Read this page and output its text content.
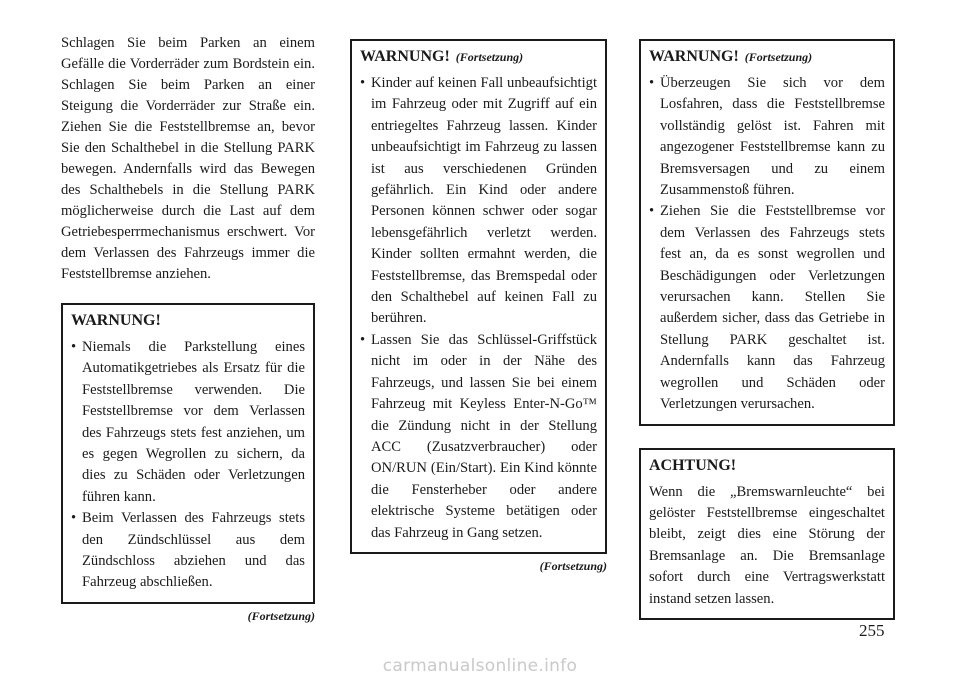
Schlagen Sie beim Parken an einem Gefälle die Vorderräder zum Bordstein ein. Schlagen Sie beim Parken an einer Steigung die Vorderräder zur Straße ein. Ziehen Sie die Feststellbremse an, bevor Sie den Schalthebel in die Stellung PARK bewegen. Andernfalls wird das Bewegen des Schalthebels in die Stellung PARK möglicherweise durch die Last auf dem Getriebesperrmechanismus erschwert. Vor dem Verlassen des Fahrzeugs immer die Feststellbremse anziehen.

WARNUNG!
• Niemals die Parkstellung eines Automatikgetriebes als Ersatz für die Feststellbremse verwenden. Die Feststellbremse vor dem Verlassen des Fahrzeugs stets fest anziehen, um es gegen Wegrollen zu sichern, da dies zu Schäden oder Verletzungen führen kann.
• Beim Verlassen des Fahrzeugs stets den Zündschlüssel aus dem Zündschloss abziehen und das Fahrzeug abschließen.
(Fortsetzung)
WARNUNG! (Fortsetzung)
• Kinder auf keinen Fall unbeaufsichtigt im Fahrzeug oder mit Zugriff auf ein entriegeltes Fahrzeug lassen. Kinder unbeaufsichtigt im Fahrzeug zu lassen ist aus verschiedenen Gründen gefährlich. Ein Kind oder andere Personen können schwer oder sogar lebensgefährlich verletzt werden. Kinder sollten ermahnt werden, die Feststellbremse, das Bremspedal oder den Schalthebel auf keinen Fall zu berühren.
• Lassen Sie das Schlüssel-Griffstück nicht im oder in der Nähe des Fahrzeugs, und lassen Sie bei einem Fahrzeug mit Keyless Enter-N-Go™ die Zündung nicht in der Stellung ACC (Zusatzverbraucher) oder ON/RUN (Ein/Start). Ein Kind könnte die Fensterheber oder andere elektrische Systeme betätigen oder das Fahrzeug in Gang setzen.
(Fortsetzung)
WARNUNG! (Fortsetzung)
• Überzeugen Sie sich vor dem Losfahren, dass die Feststellbremse vollständig gelöst ist. Fahren mit angezogener Feststellbremse kann zu Bremsversagen und zu einem Zusammenstoß führen.
• Ziehen Sie die Feststellbremse vor dem Verlassen des Fahrzeugs stets fest an, da es sonst wegrollen und Beschädigungen oder Verletzungen verursachen kann. Stellen Sie außerdem sicher, dass das Getriebe in Stellung PARK geschaltet ist. Andernfalls kann das Fahrzeug wegrollen und Schäden oder Verletzungen verursachen.
ACHTUNG!

Wenn die „Bremswarnleuchte“ bei gelöster Feststellbremse eingeschaltet bleibt, zeigt dies eine Störung der Bremsanlage an. Die Bremsanlage sofort durch eine Vertragswerkstatt instand setzen lassen.

255
carmanualsonline.info
